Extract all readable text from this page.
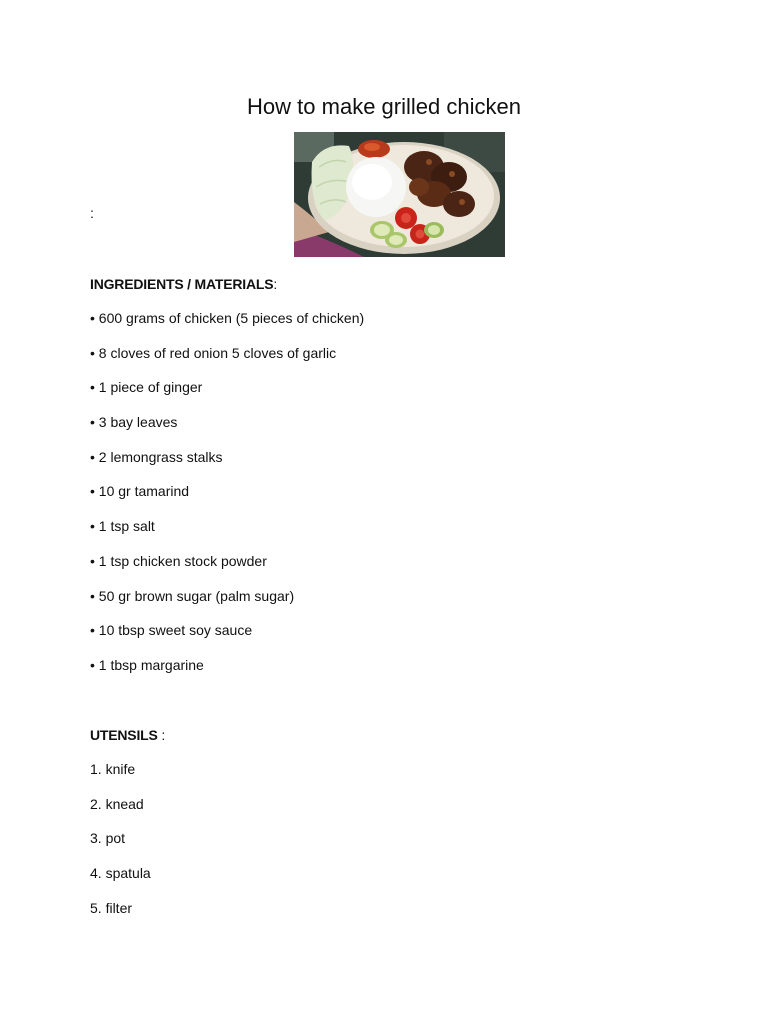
How to make grilled chicken
:
INGREDIENTS / MATERIALS:
• 600 grams of chicken (5 pieces of chicken)
• 8 cloves of red onion 5 cloves of garlic
• 1 piece of ginger
• 3 bay leaves
• 2 lemongrass stalks
• 10 gr tamarind
• 1 tsp salt
• 1 tsp chicken stock powder
• 50 gr brown sugar (palm sugar)
• 10 tbsp sweet soy sauce
• 1 tbsp margarine
UTENSILS :
1. knife
2. knead
3. pot
4. spatula
5. filter
